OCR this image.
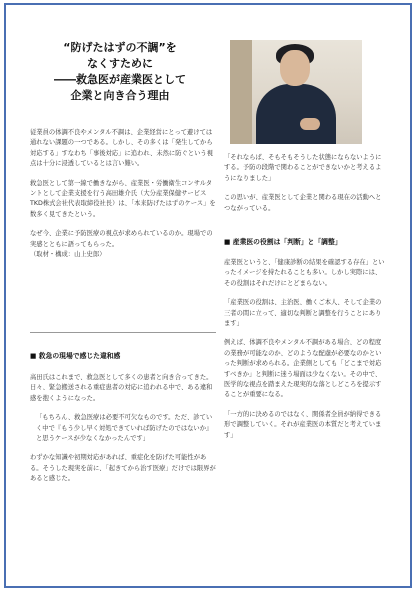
“防げたはずの不調”を
なくすために
――救急医が産業医として
企業と向き合う理由

従業員の体調不良やメンタル不調は、企業経営にとって避けては通れない課題の一つである。しかし、その多くは「発生してから対応する」すなわち「事後対応」に追われ、未然に防ぐという視点は十分に浸透しているとは言い難い。

救急医として第一線で働きながら、産業医・労働衛生コンサルタントとして企業支援を行う高田雄介氏（大分産業保健サービスTKD株式会社代表取締役社長）は、「本来防げたはずのケース」を数多く見てきたという。

なぜ今、企業に予防医療の視点が求められているのか。現場での実感とともに語ってもらった。

（取材・構成：山上史郎）
■ 救急の現場で感じた違和感

高田氏はこれまで、救急医として多くの患者と向き合ってきた。日々、緊急搬送される重症患者の対応に追われる中で、ある違和感を抱くようになった。

「もちろん、救急医療は必要不可欠なものです。ただ、診ていく中で『もう少し早く対処できていれば防げたのではないか』と思うケースが少なくなかったんです」

わずかな知識や初期対応があれば、重症化を防げた可能性がある。そうした現実を前に、「起きてから治す医療」だけでは限界があると感じた。

「それならば、そもそもそうした状態にならないようにする。予防の段階で関わることができないかと考えるようになりました」

この思いが、産業医として企業と関わる現在の活動へとつながっている。

■ 産業医の役割は「判断」と「調整」

産業医というと、「健康診断の結果を確認する存在」といったイメージを持たれることも多い。しかし実際には、その役割はそれだけにとどまらない。

「産業医の役割は、主治医、働くご本人、そして企業の三者の間に立って、適切な判断と調整を行うことにあります」

例えば、体調不良やメンタル不調がある場合、どの程度の業務が可能なのか、どのような配慮が必要なのかといった判断が求められる。企業側としても「どこまで対応すべきか」と判断に迷う場面は少なくない。その中で、医学的な視点を踏まえた現実的な落としどころを提示することが重要になる。

「一方的に決めるのではなく、関係者全員が納得できる形で調整していく。それが産業医の本質だと考えています」
